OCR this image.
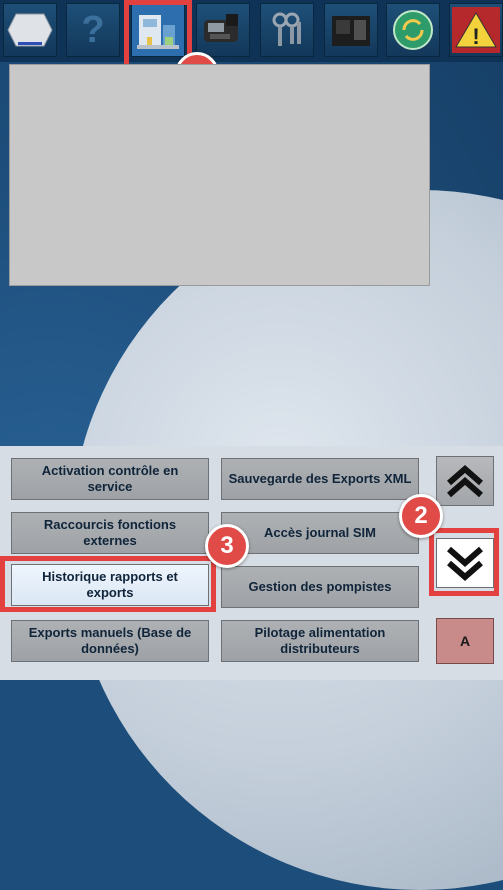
?	!
Activation contrôle en service
Sauvegarde des Exports XML
Raccourcis fonctions externes
Accès journal SIM
Historique rapports et exports	Gestion des pompistes
Exports manuels (Base de données)
Pilotage alimentation distributeurs
2
3
A
